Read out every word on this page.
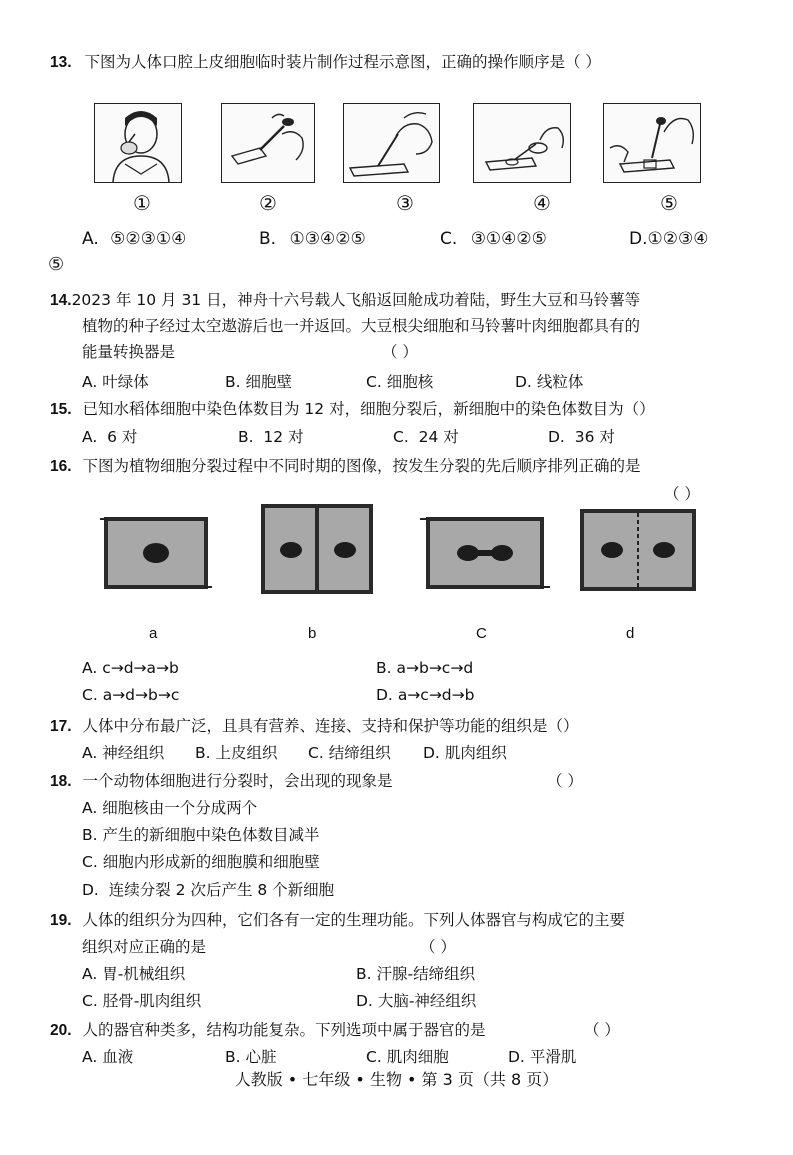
13. 下图为人体口腔上皮细胞临时装片制作过程示意图，正确的操作顺序是（ ）
①	②	③	④	⑤
A. ⑤②③①④	B. ①③④②⑤	C. ③①④②⑤	D.①②③④
⑤
14.2023 年 10 月 31 日，神舟十六号载人飞船返回舱成功着陆，野生大豆和马铃薯等
植物的种子经过太空遨游后也一并返回。大豆根尖细胞和马铃薯叶肉细胞都具有的
能量转换器是	（ ）
A. 叶绿体	B. 细胞壁	C. 细胞核	D. 线粒体
15. 已知水稻体细胞中染色体数目为 12 对，细胞分裂后，新细胞中的染色体数目为（）
A. 6 对	B. 12 对	C. 24 对	D. 36 对
16. 下图为植物细胞分裂过程中不同时期的图像，按发生分裂的先后顺序排列正确的是
（ ）
a	b	C	d
A. c→d→a→b	B. a→b→c→d
C. a→d→b→c	D. a→c→d→b
17. 人体中分布最广泛，且具有营养、连接、支持和保护等功能的组织是（）
A. 神经组织 B. 上皮组织 C. 结缔组织 D. 肌肉组织
18. 一个动物体细胞进行分裂时，会出现的现象是	（ ）
A. 细胞核由一个分成两个
B. 产生的新细胞中染色体数目减半
C. 细胞内形成新的细胞膜和细胞壁
D. 连续分裂 2 次后产生 8 个新细胞
19. 人体的组织分为四种，它们各有一定的生理功能。下列人体器官与构成它的主要
组织对应正确的是	（ ）
A. 胃-机械组织	B. 汗腺-结缔组织
C. 胫骨-肌肉组织	D. 大脑-神经组织
20. 人的器官种类多，结构功能复杂。下列选项中属于器官的是	（ ）
A. 血液	B. 心脏	C. 肌肉细胞	D. 平滑肌
人教版 • 七年级 • 生物 • 第 3 页（共 8 页）
